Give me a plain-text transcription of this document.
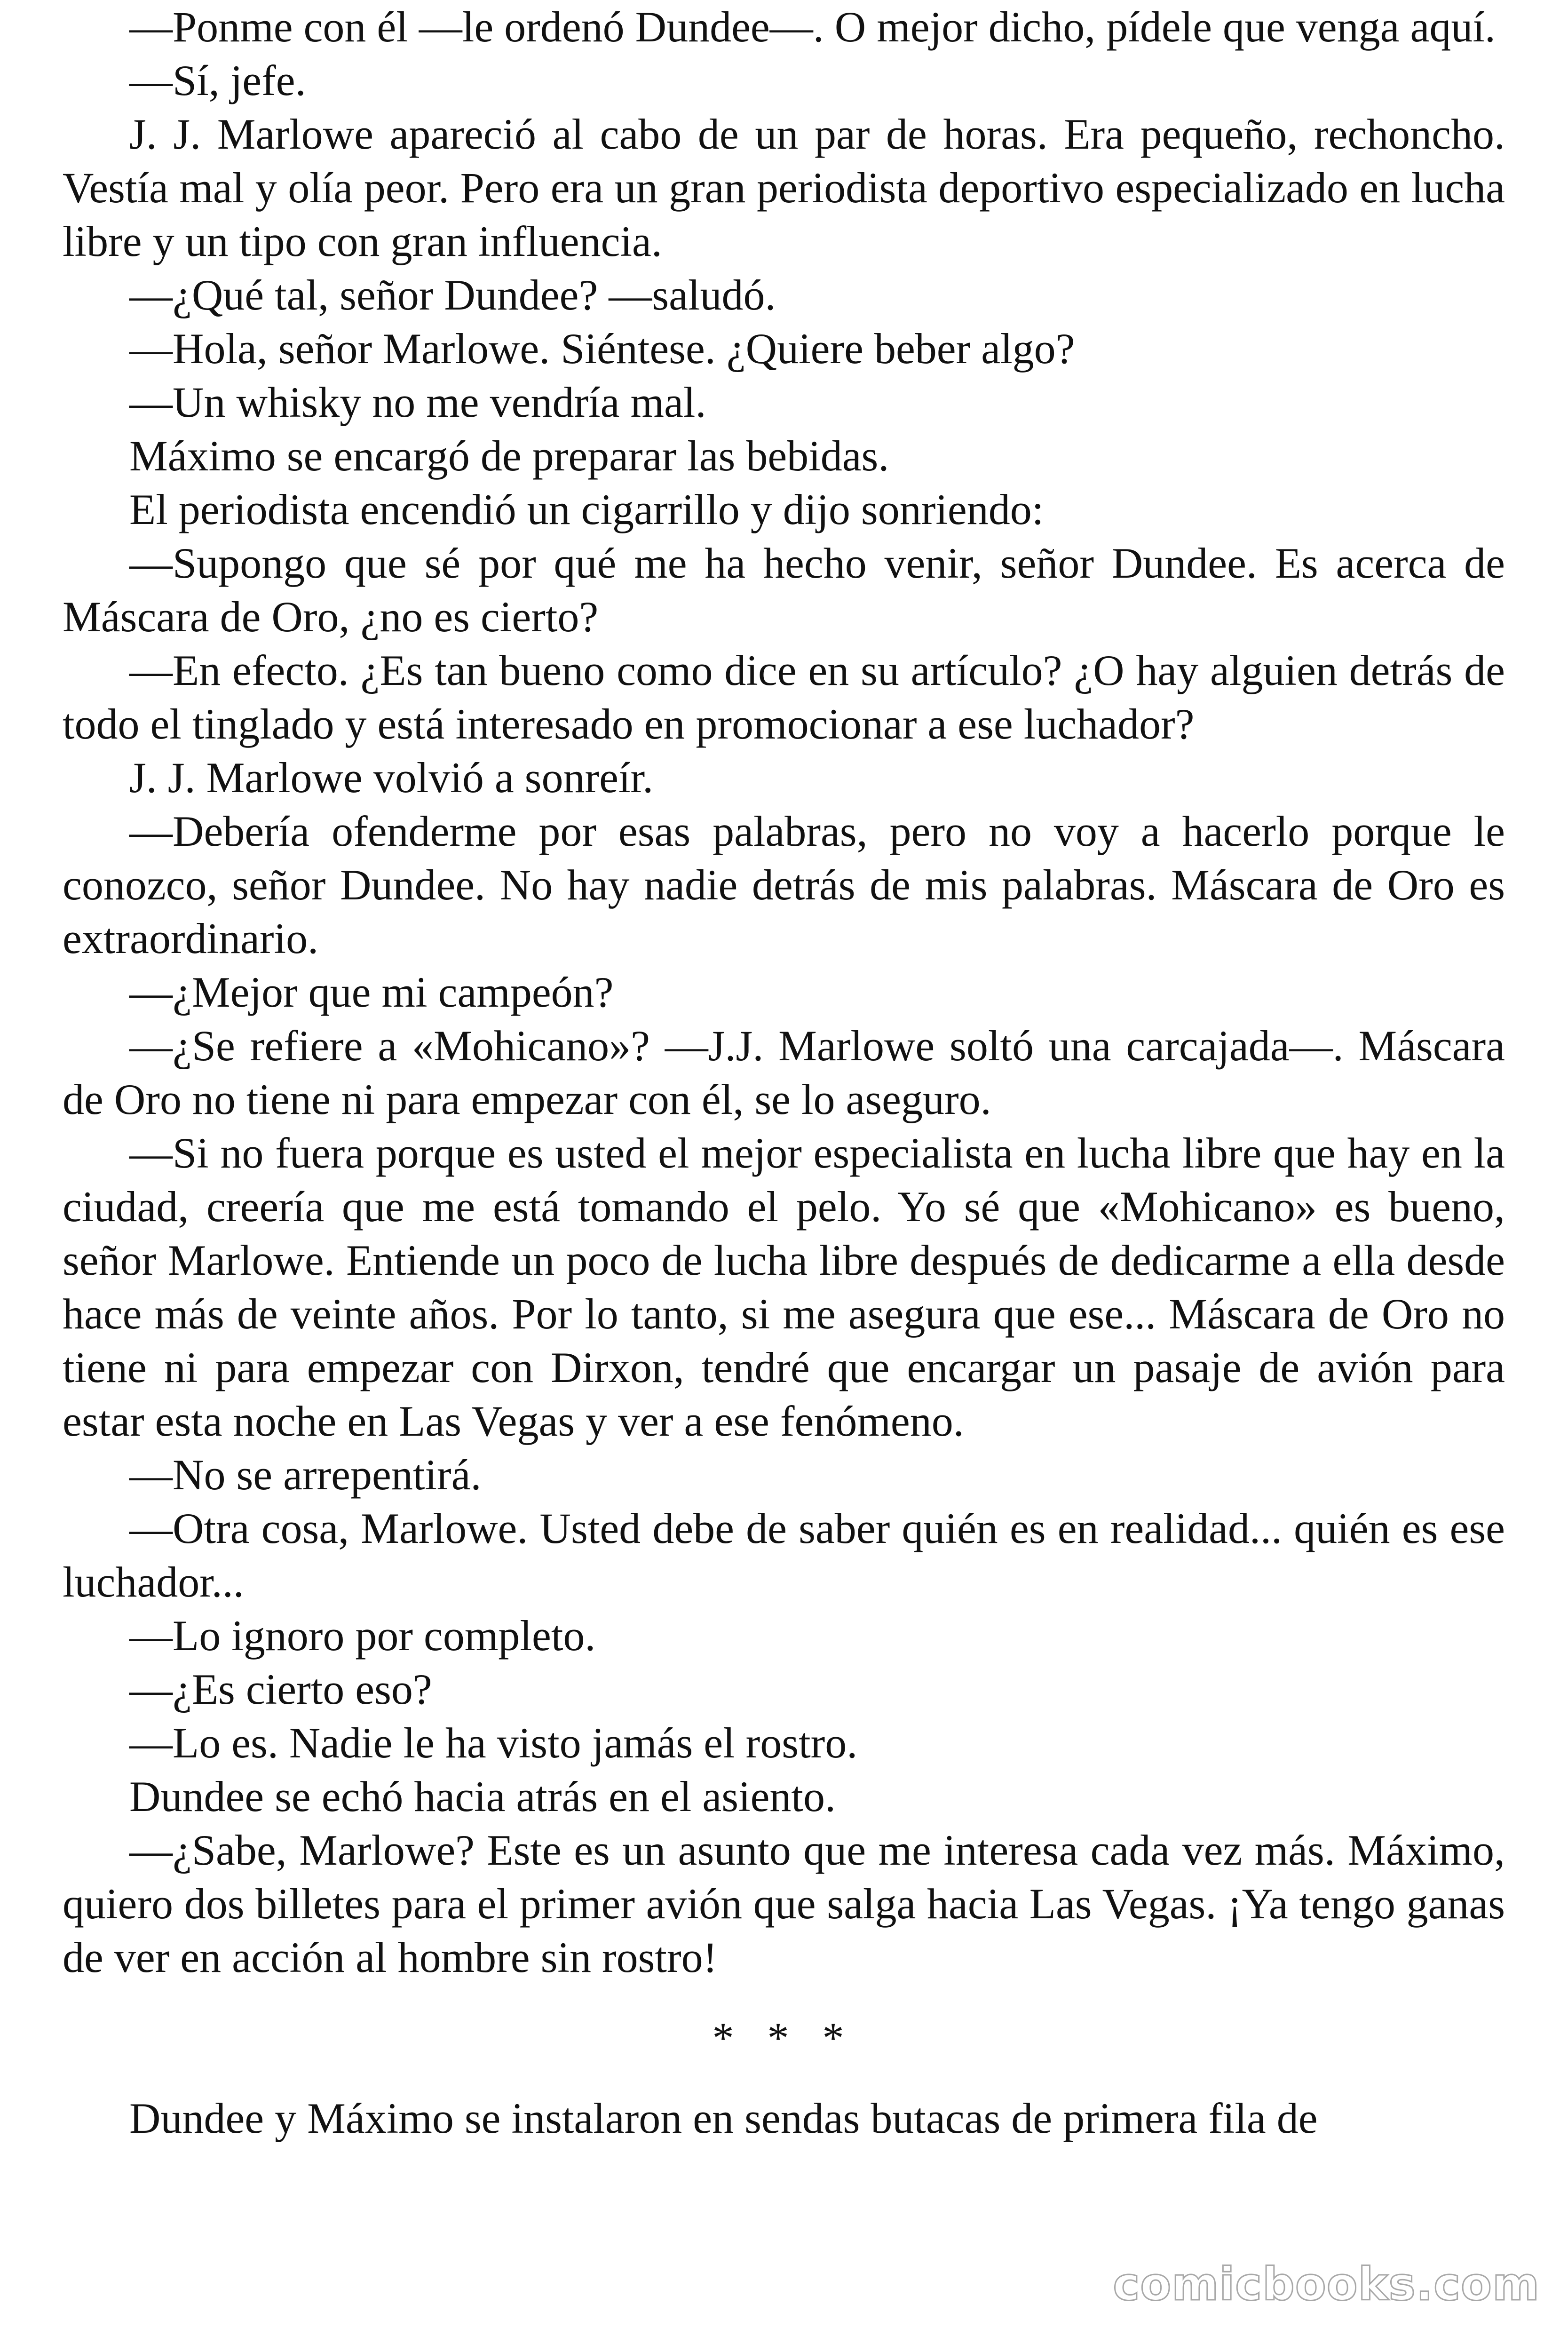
—Ponme con él —le ordenó Dundee—. O mejor dicho, pídele que venga aquí.

—Sí, jefe.

J. J. Marlowe apareció al cabo de un par de horas. Era pequeño, rechoncho. Vestía mal y olía peor. Pero era un gran periodista deportivo especializado en lucha libre y un tipo con gran influencia.

—¿Qué tal, señor Dundee? —saludó.

—Hola, señor Marlowe. Siéntese. ¿Quiere beber algo?

—Un whisky no me vendría mal.

Máximo se encargó de preparar las bebidas.

El periodista encendió un cigarrillo y dijo sonriendo:

—Supongo que sé por qué me ha hecho venir, señor Dundee. Es acerca de Máscara de Oro, ¿no es cierto?

—En efecto. ¿Es tan bueno como dice en su artículo? ¿O hay alguien detrás de todo el tinglado y está interesado en promocionar a ese luchador?

J. J. Marlowe volvió a sonreír.

—Debería ofenderme por esas palabras, pero no voy a hacerlo porque le conozco, señor Dundee. No hay nadie detrás de mis palabras. Máscara de Oro es extraordinario.

—¿Mejor que mi campeón?

—¿Se refiere a «Mohicano»? —J.J. Marlowe soltó una carcajada—. Máscara de Oro no tiene ni para empezar con él, se lo aseguro.

—Si no fuera porque es usted el mejor especialista en lucha libre que hay en la ciudad, creería que me está tomando el pelo. Yo sé que «Mohicano» es bueno, señor Marlowe. Entiende un poco de lucha libre después de dedicarme a ella desde hace más de veinte años. Por lo tanto, si me asegura que ese... Máscara de Oro no tiene ni para empezar con Dirxon, tendré que encargar un pasaje de avión para estar esta noche en Las Vegas y ver a ese fenómeno.

—No se arrepentirá.

—Otra cosa, Marlowe. Usted debe de saber quién es en realidad... quién es ese luchador...

—Lo ignoro por completo.

—¿Es cierto eso?

—Lo es. Nadie le ha visto jamás el rostro.

Dundee se echó hacia atrás en el asiento.

—¿Sabe, Marlowe? Este es un asunto que me interesa cada vez más. Máximo, quiero dos billetes para el primer avión que salga hacia Las Vegas. ¡Ya tengo ganas de ver en acción al hombre sin rostro!

* * *

Dundee y Máximo se instalaron en sendas butacas de primera fila de

comicbooks.com
